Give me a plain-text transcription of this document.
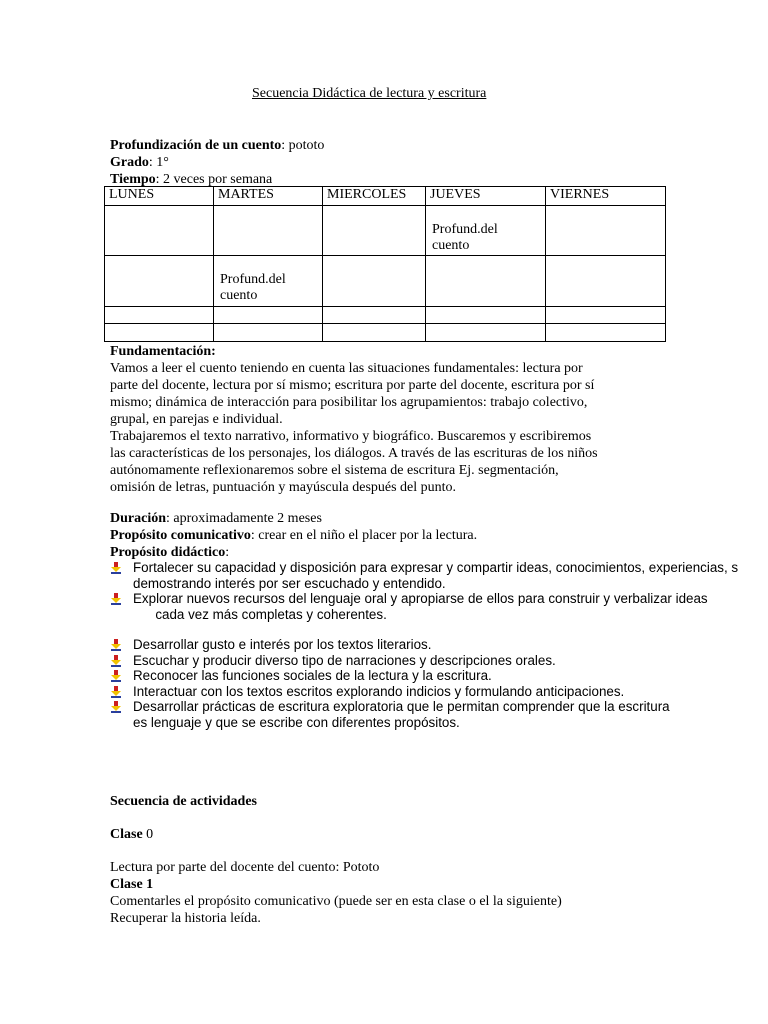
Secuencia Didáctica de lectura y escritura
Profundización de un cuento: pototo
Grado: 1°
Tiempo: 2 veces por semana
LUNES	MARTES	MIERCOLES	JUEVES	VIERNES

			Profund.del
cuento	

	Profund.del
cuento			

Fundamentación:
Vamos a leer el cuento teniendo en cuenta las situaciones fundamentales: lectura por
parte del docente, lectura por sí mismo; escritura por parte del docente, escritura por sí
mismo; dinámica de interacción para posibilitar los agrupamientos: trabajo colectivo,
grupal, en parejas e individual.
Trabajaremos el texto narrativo, informativo y biográfico. Buscaremos y escribiremos
las características de los personajes, los diálogos. A través de las escrituras de los niños
autónomamente reflexionaremos sobre el sistema de escritura Ej. segmentación,
omisión de letras, puntuación y mayúscula después del punto.
Duración: aproximadamente 2 meses
Propósito comunicativo: crear en el niño el placer por la lectura.
Propósito didáctico:
Fortalecer su capacidad y disposición para expresar y compartir ideas, conocimientos, experiencias, s
demostrando interés por ser escuchado y entendido.
Explorar nuevos recursos del lenguaje oral y apropiarse de ellos para construir y verbalizar ideas
cada vez más completas y coherentes.
Desarrollar gusto e interés por los textos literarios.
Escuchar y producir diverso tipo de narraciones y descripciones orales.
Reconocer las funciones sociales de la lectura y la escritura.
Interactuar con los textos escritos explorando indicios y formulando anticipaciones.
Desarrollar prácticas de escritura exploratoria que le permitan comprender que la escritura
es lenguaje y que se escribe con diferentes propósitos.
Secuencia de actividades
Clase 0
Lectura por parte del docente del cuento: Pototo
Clase 1
Comentarles el propósito comunicativo (puede ser en esta clase o el la siguiente)
Recuperar la historia leída.
